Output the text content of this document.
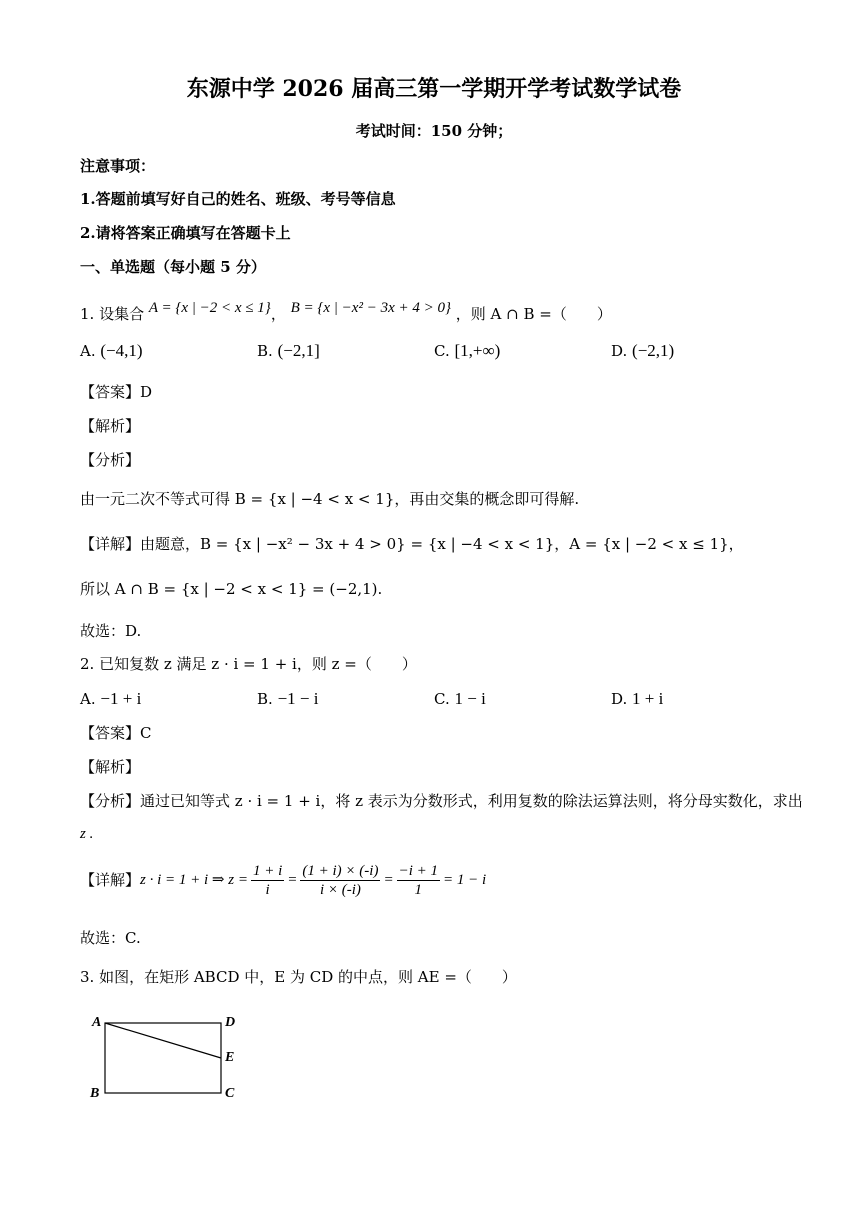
东源中学 2026 届高三第一学期开学考试数学试卷
考试时间：150 分钟；
注意事项：
1.答题前填写好自己的姓名、班级、考号等信息
2.请将答案正确填写在答题卡上
一、单选题（每小题 5 分）
1. 设集合 A = {x | −2 < x ≤ 1}， B = {x | −x² − 3x + 4 > 0} ，则 A ∩ B =（　　）
A. (−4,1)	B. (−2,1]	C. [1,+∞)	D. (−2,1)
【答案】D
【解析】
【分析】
由一元二次不等式可得 B = {x | −4 < x < 1}，再由交集的概念即可得解.
【详解】由题意，B = {x | −x² − 3x + 4 > 0} = {x | −4 < x < 1}，A = {x | −2 < x ≤ 1}，
所以 A ∩ B = {x | −2 < x < 1} = (−2,1).
故选：D.
2. 已知复数 z 满足 z · i = 1 + i，则 z =（　　）
A. −1 + i	B. −1 − i	C. 1 − i	D. 1 + i
【答案】C
【解析】
【分析】通过已知等式 z · i = 1 + i，将 z 表示为分数形式，利用复数的除法运算法则，将分母实数化，求出
z .
【详解】 z · i = 1 + i ⇒ $z = \frac{1 + i}{i} = \frac{(1 + i) \times (-i)}{i \times (-i)} = \frac{-i + 1}{1} = 1 - i$
故选：C.
3. 如图，在矩形 ABCD 中，E 为 CD 的中点，则 AE =（　　）
A	D
E
B	C
